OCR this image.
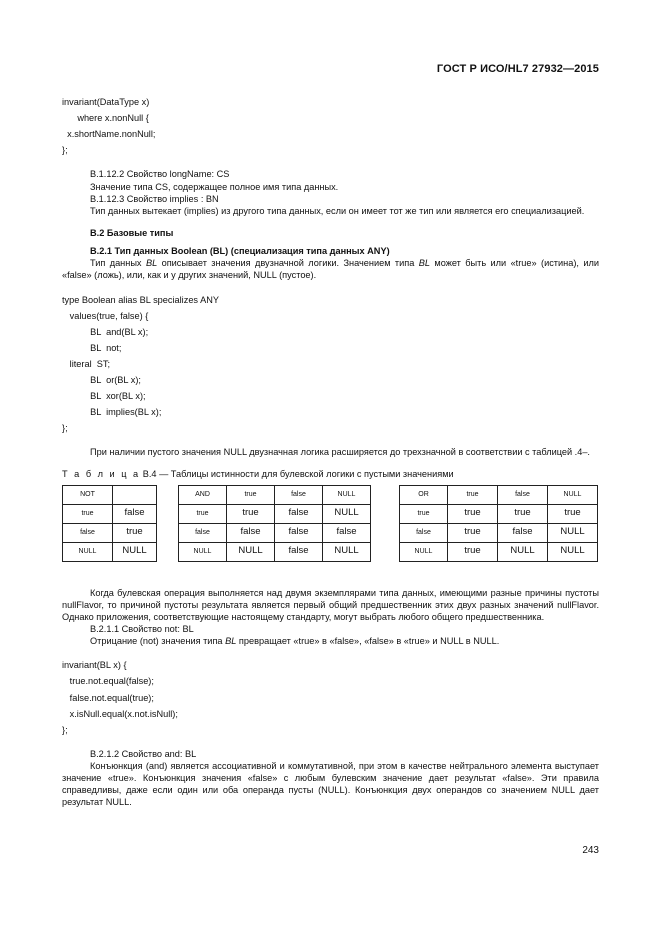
ГОСТ Р ИСО/HL7 27932—2015

invariant(DataType x)

where x.nonNull {

x.shortName.nonNull;

};

B.1.12.2 Свойство longName: CS

Значение типа CS, содержащее полное имя типа данных.

B.1.12.3 Свойство implies : BN

Тип данных вытекает (implies) из другого типа данных, если он имеет тот же тип или является его специализацией.

B.2 Базовые типы

B.2.1 Тип данных Boolean (BL) (специализация типа данных ANY)

Тип данных BL описывает значения двузначной логики. Значением типа BL может быть или «true» (истина), или «false» (ложь), или, как и у других значений, NULL (пустое).

type Boolean alias BL specializes ANY

values(true, false) {

BL  and(BL x);

BL  not;

literal  ST;

BL  or(BL x);

BL  xor(BL x);

BL  implies(BL x);

};

При наличии пустого значения NULL двузначная логика расширяется до трехзначной в соответствии с таблицей .4–.

Т а б л и ц а B.4 — Таблицы истинности для булевской логики с пустыми значениями

NOT	
true	false
false	true
NULL	NULL
AND	true	false	NULL
true	true	false	NULL
false	false	false	false
NULL	NULL	false	NULL
OR	true	false	NULL
true	true	true	true
false	true	false	NULL
NULL	true	NULL	NULL

Когда булевская операция выполняется над двумя экземплярами типа данных, имеющими разные причины пустоты nullFlavor, то причиной пустоты результата является первый общий предшественник этих двух разных значений nullFlavor. Однако приложения, соответствующие настоящему стандарту, могут выбрать любого общего предшественника.

B.2.1.1 Свойство not: BL

Отрицание (not) значения типа BL превращает «true» в «false», «false» в «true» и NULL в NULL.

invariant(BL x) {

true.not.equal(false);

false.not.equal(true);

x.isNull.equal(x.not.isNull);

};

B.2.1.2 Свойство and: BL

Конъюнкция (and) является ассоциативной и коммутативной, при этом в качестве нейтрального элемента выступает значение «true». Конъюнкция значения «false» с любым булевским значение дает результат «false». Эти правила справедливы, даже если один или оба операнда пусты (NULL). Конъюнкция двух операндов со значением NULL дает результат NULL.

243
